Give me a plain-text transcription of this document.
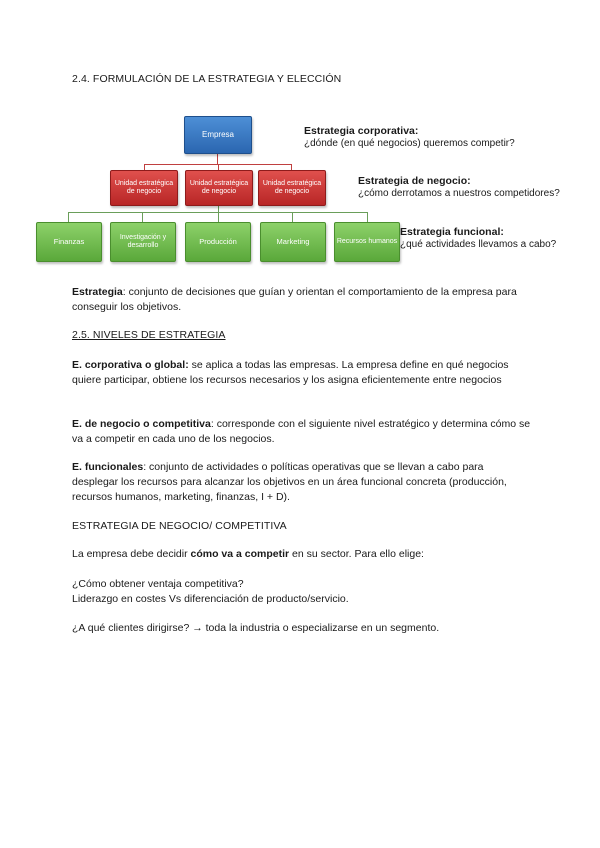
2.4. FORMULACIÓN DE LA ESTRATEGIA Y ELECCIÓN
Empresa
Unidad estratégica de negocio
Unidad estratégica de negocio
Unidad estratégica de negocio
Finanzas	Investigación y desarrollo	Producción	Marketing	Recursos humanos
Estrategia corporativa:
¿dónde (en qué negocios) queremos competir?
Estrategia de negocio:
¿cómo derrotamos a nuestros competidores?
Estrategia funcional:
¿qué actividades llevamos a cabo?
Estrategia: conjunto de decisiones que guían y orientan el comportamiento de la empresa para conseguir los objetivos.
2.5. NIVELES DE ESTRATEGIA
E. corporativa o global: se aplica a todas las empresas. La empresa define en qué negocios quiere participar, obtiene los recursos necesarios y los asigna eficientemente entre negocios
E. de negocio o competitiva: corresponde con el siguiente nivel estratégico y determina cómo se va a competir en cada uno de los negocios.
E. funcionales: conjunto de actividades o políticas operativas que se llevan a cabo para desplegar los recursos para alcanzar los objetivos en un área funcional concreta (producción, recursos humanos, marketing, finanzas, I + D).
ESTRATEGIA DE NEGOCIO/ COMPETITIVA
La empresa debe decidir cómo va a competir en su sector. Para ello elige:
¿Cómo obtener ventaja competitiva?
Liderazgo en costes Vs diferenciación de producto/servicio.
¿A qué clientes dirigirse? → toda la industria o especializarse en un segmento.
